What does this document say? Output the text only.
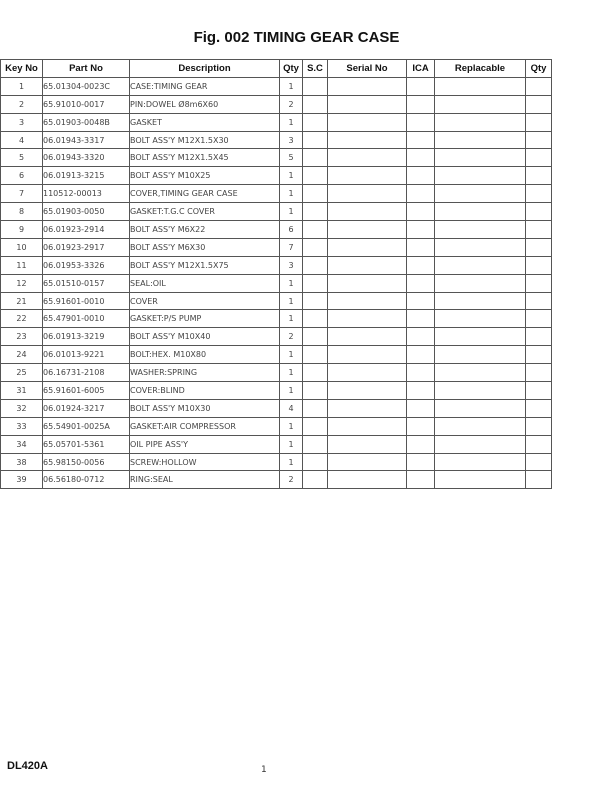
Fig. 002 TIMING GEAR CASE
Key No	Part No	Description	Qty	S.C	Serial No	ICA	Replacable	Qty
1	65.01304-0023C	CASE:TIMING GEAR	1					
2	65.91010-0017	PIN:DOWEL Ø8m6X60	2					
3	65.01903-0048B	GASKET	1					
4	06.01943-3317	BOLT ASS'Y M12X1.5X30	3					
5	06.01943-3320	BOLT ASS'Y M12X1.5X45	5					
6	06.01913-3215	BOLT ASS'Y M10X25	1					
7	110512-00013	COVER,TIMING GEAR CASE	1					
8	65.01903-0050	GASKET:T.G.C COVER	1					
9	06.01923-2914	BOLT ASS'Y M6X22	6					
10	06.01923-2917	BOLT ASS'Y M6X30	7					
11	06.01953-3326	BOLT ASS'Y M12X1.5X75	3					
12	65.01510-0157	SEAL:OIL	1					
21	65.91601-0010	COVER	1					
22	65.47901-0010	GASKET:P/S PUMP	1					
23	06.01913-3219	BOLT ASS'Y M10X40	2					
24	06.01013-9221	BOLT:HEX. M10X80	1					
25	06.16731-2108	WASHER:SPRING	1					
31	65.91601-6005	COVER:BLIND	1					
32	06.01924-3217	BOLT ASS'Y M10X30	4					
33	65.54901-0025A	GASKET:AIR COMPRESSOR	1					
34	65.05701-5361	OIL PIPE ASS'Y	1					
38	65.98150-0056	SCREW:HOLLOW	1					
39	06.56180-0712	RING:SEAL	2					
DL420A	1
